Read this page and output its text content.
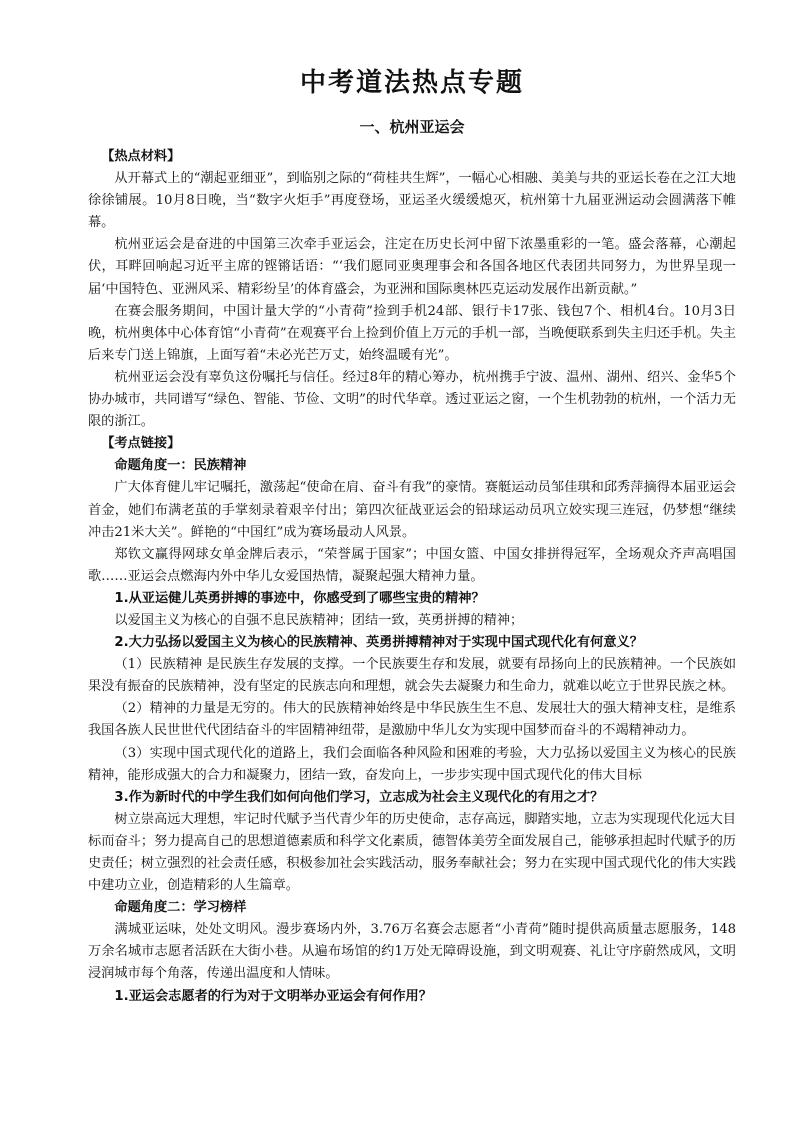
中考道法热点专题
一、杭州亚运会

【热点材料】

从开幕式上的“潮起亚细亚”，到临别之际的“荷桂共生辉”，一幅心心相融、美美与共的亚运长卷在之江大地徐徐铺展。10月8日晚，当“数字火炬手”再度登场，亚运圣火缓缓熄灭，杭州第十九届亚洲运动会圆满落下帷幕。

杭州亚运会是奋进的中国第三次牵手亚运会，注定在历史长河中留下浓墨重彩的一笔。盛会落幕，心潮起伏，耳畔回响起习近平主席的铿锵话语：“‘我们愿同亚奥理事会和各国各地区代表团共同努力，为世界呈现一届‘中国特色、亚洲风采、精彩纷呈’的体育盛会，为亚洲和国际奥林匹克运动发展作出新贡献。”

在赛会服务期间，中国计量大学的“小青荷”捡到手机24部、银行卡17张、钱包7个、相机4台。10月3日晚，杭州奥体中心体育馆“小青荷”在观赛平台上捡到价值上万元的手机一部，当晚便联系到失主归还手机。失主后来专门送上锦旗，上面写着“未必光芒万丈，始终温暖有光”。

杭州亚运会没有辜负这份嘱托与信任。经过8年的精心筹办，杭州携手宁波、温州、湖州、绍兴、金华5个协办城市，共同谱写“绿色、智能、节俭、文明”的时代华章。透过亚运之窗，一个生机勃勃的杭州，一个活力无限的浙江。

【考点链接】

命题角度一：民族精神

广大体育健儿牢记嘱托，激荡起“使命在肩、奋斗有我”的豪情。赛艇运动员邹佳琪和邱秀萍摘得本届亚运会首金，她们布满老茧的手掌刻录着艰辛付出；第四次征战亚运会的铅球运动员巩立姣实现三连冠，仍梦想“继续冲击21米大关”。鲜艳的“中国红”成为赛场最动人风景。

郑钦文赢得网球女单金牌后表示，“荣誉属于国家”；中国女篮、中国女排拼得冠军，全场观众齐声高唱国歌……亚运会点燃海内外中华儿女爱国热情，凝聚起强大精神力量。

1.从亚运健儿英勇拼搏的事迹中，你感受到了哪些宝贵的精神？

以爱国主义为核心的自强不息民族精神；团结一致，英勇拼搏的精神；

2.大力弘扬以爱国主义为核心的民族精神、英勇拼搏精神对于实现中国式现代化有何意义？

（1）民族精神 是民族生存发展的支撑。一个民族要生存和发展，就要有昂扬向上的民族精神。一个民族如果没有振奋的民族精神，没有坚定的民族志向和理想，就会失去凝聚力和生命力，就难以屹立于世界民族之林。

（2）精神的力量是无穷的。伟大的民族精神始终是中华民族生生不息、发展壮大的强大精神支柱，是维系我国各族人民世世代代团结奋斗的牢固精神纽带，是激励中华儿女为实现中国梦而奋斗的不竭精神动力。

（3）实现中国式现代化的道路上，我们会面临各种风险和困难的考验，大力弘扬以爱国主义为核心的民族精神，能形成强大的合力和凝聚力，团结一致，奋发向上，一步步实现中国式现代化的伟大目标

3.作为新时代的中学生我们如何向他们学习，立志成为社会主义现代化的有用之才？

树立崇高远大理想，牢记时代赋予当代青少年的历史使命，志存高远，脚踏实地，立志为实现现代化远大目标而奋斗；努力提高自己的思想道德素质和科学文化素质，德智体美劳全面发展自己，能够承担起时代赋予的历史责任；树立强烈的社会责任感，积极参加社会实践活动，服务奉献社会；努力在实现中国式现代化的伟大实践中建功立业，创造精彩的人生篇章。

命题角度二：学习榜样

满城亚运味，处处文明风。漫步赛场内外，3.76万名赛会志愿者“小青荷”随时提供高质量志愿服务，148万余名城市志愿者活跃在大街小巷。从遍布场馆的约1万处无障碍设施，到文明观赛、礼让守序蔚然成风，文明浸润城市每个角落，传递出温度和人情味。

1.亚运会志愿者的行为对于文明举办亚运会有何作用？
